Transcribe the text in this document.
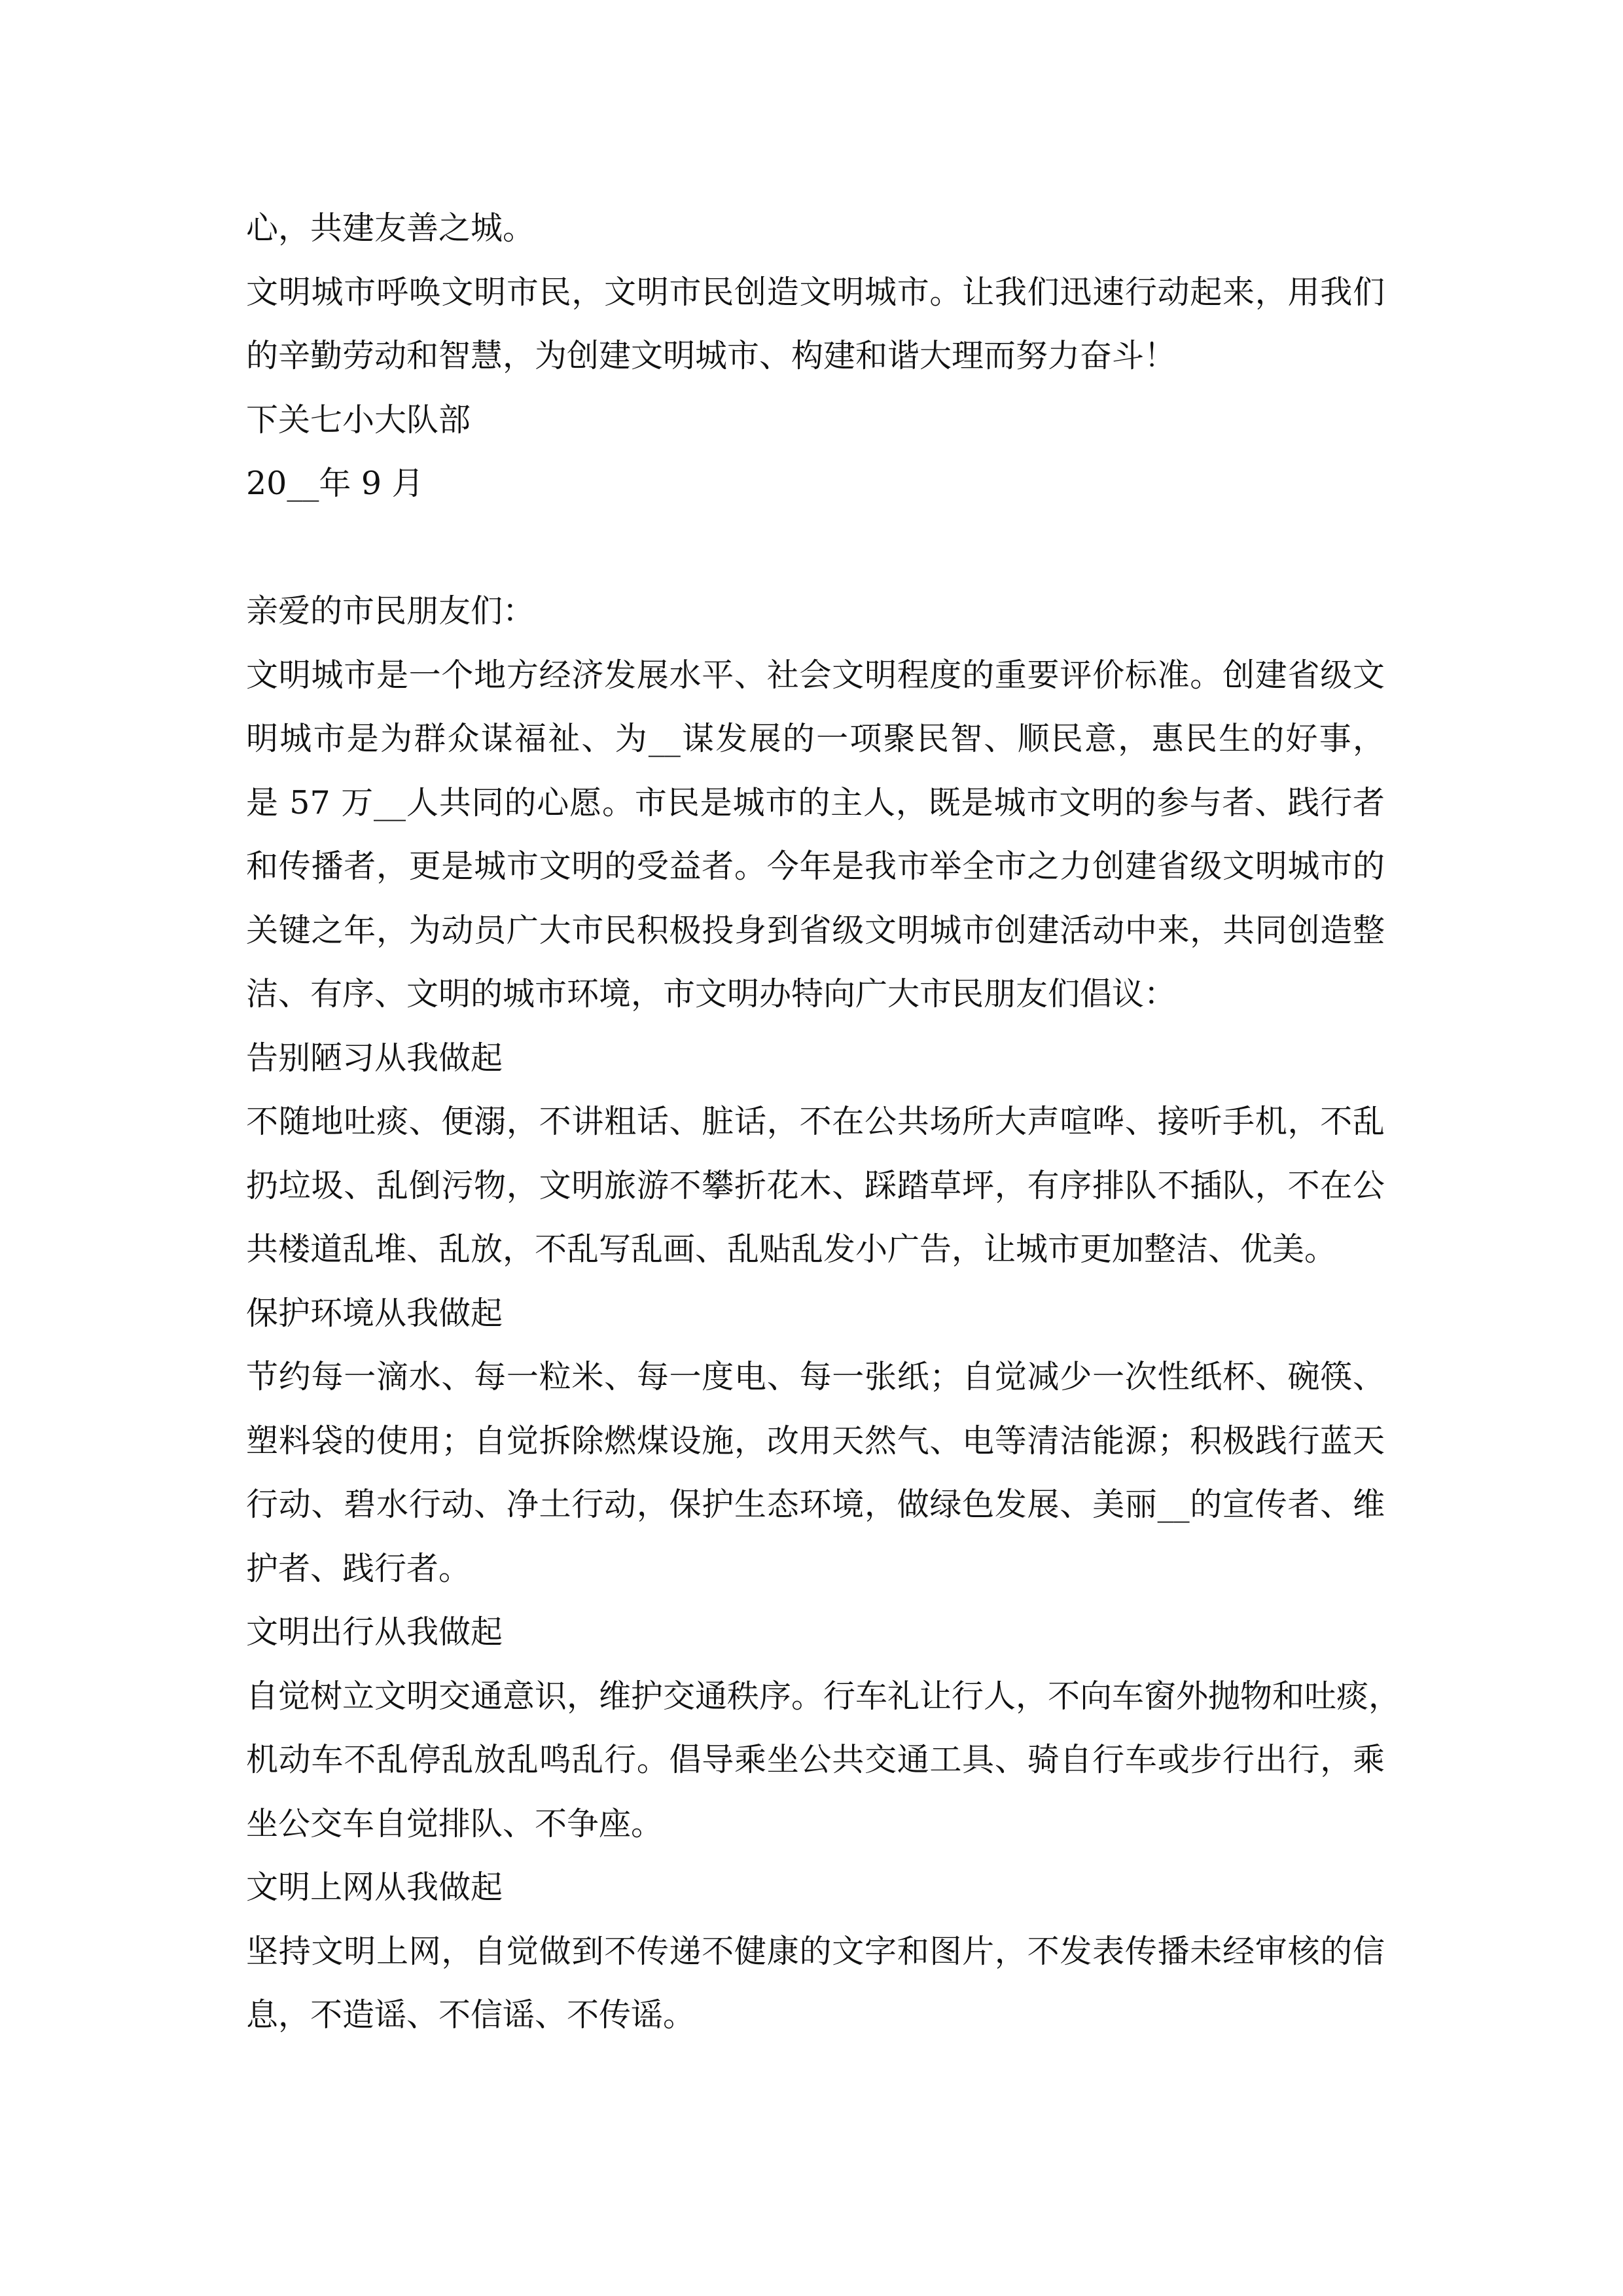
心，共建友善之城。
文明城市呼唤文明市民，文明市民创造文明城市。让我们迅速行动起来，用我们
的辛勤劳动和智慧，为创建文明城市、构建和谐大理而努力奋斗！
下关七小大队部
20__年 9 月
亲爱的市民朋友们：
文明城市是一个地方经济发展水平、社会文明程度的重要评价标准。创建省级文
明城市是为群众谋福祉、为__谋发展的一项聚民智、顺民意，惠民生的好事，
是 57 万__人共同的心愿。市民是城市的主人，既是城市文明的参与者、践行者
和传播者，更是城市文明的受益者。今年是我市举全市之力创建省级文明城市的
关键之年，为动员广大市民积极投身到省级文明城市创建活动中来，共同创造整
洁、有序、文明的城市环境，市文明办特向广大市民朋友们倡议：
告别陋习从我做起
不随地吐痰、便溺，不讲粗话、脏话，不在公共场所大声喧哗、接听手机，不乱
扔垃圾、乱倒污物，文明旅游不攀折花木、踩踏草坪，有序排队不插队，不在公
共楼道乱堆、乱放，不乱写乱画、乱贴乱发小广告，让城市更加整洁、优美。
保护环境从我做起
节约每一滴水、每一粒米、每一度电、每一张纸；自觉减少一次性纸杯、碗筷、
塑料袋的使用；自觉拆除燃煤设施，改用天然气、电等清洁能源；积极践行蓝天
行动、碧水行动、净土行动，保护生态环境，做绿色发展、美丽__的宣传者、维
护者、践行者。
文明出行从我做起
自觉树立文明交通意识，维护交通秩序。行车礼让行人，不向车窗外抛物和吐痰，
机动车不乱停乱放乱鸣乱行。倡导乘坐公共交通工具、骑自行车或步行出行，乘
坐公交车自觉排队、不争座。
文明上网从我做起
坚持文明上网，自觉做到不传递不健康的文字和图片，不发表传播未经审核的信
息，不造谣、不信谣、不传谣。
